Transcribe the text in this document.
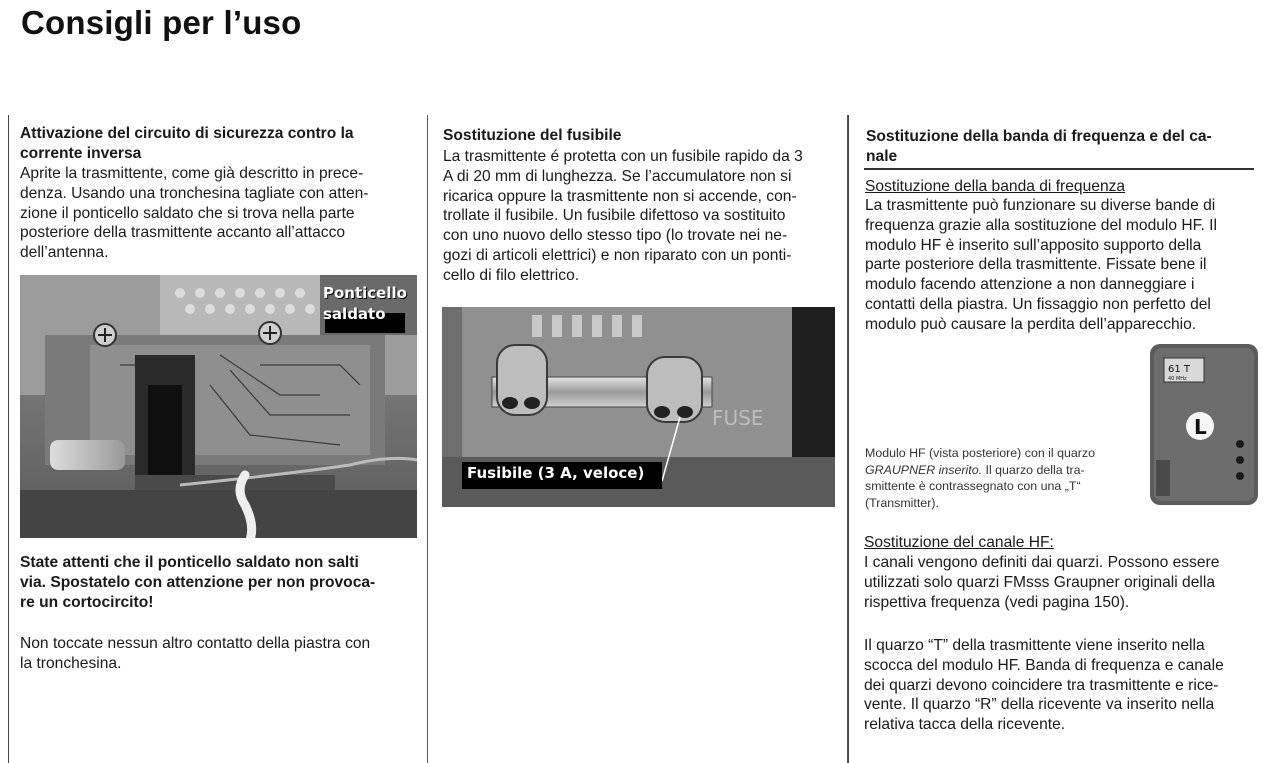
Consigli per l’uso
Attivazione del circuito di sicurezza contro la
corrente inversa
Aprite la trasmittente, come già descritto in prece-
denza. Usando una tronchesina tagliate con atten-
zione il ponticello saldato che si trova nella parte
posteriore della trasmittente accanto all’attacco
dell’antenna.
Ponticello
saldato
State attenti che il ponticello saldato non salti
via. Spostatelo con attenzione per non provoca-
re un cortocircito!
Non toccate nessun altro contatto della piastra con
la tronchesina.
Sostituzione del fusibile
La trasmittente é protetta con un fusibile rapido da 3
A di 20 mm di lunghezza. Se l’accumulatore non si
ricarica oppure la trasmittente non si accende, con-
trollate il fusibile. Un fusibile difettoso va sostituito
con uno nuovo dello stesso tipo (lo trovate nei ne-
gozi di articoli elettrici) e non riparato con un ponti-
cello di filo elettrico.
FUSE
Fusibile (3 A, veloce)
Sostituzione della banda di frequenza e del ca-
nale
Sostituzione della banda di frequenza
La trasmittente può funzionare su diverse bande di
frequenza grazie alla sostituzione del modulo HF. Il
modulo HF è inserito sull’apposito supporto della
parte posteriore della trasmittente. Fissate bene il
modulo facendo attenzione a non danneggiare i
contatti della piastra. Un fissaggio non perfetto del
modulo può causare la perdita dell’apparecchio.
Modulo HF (vista posteriore) con il quarzo
GRAUPNER inserito. Il quarzo della tra-
smittente è contrassegnato con una „T“
(Transmitter).
61 T
40 MHz
L
Sostituzione del canale HF:
I canali vengono definiti dai quarzi. Possono essere
utilizzati solo quarzi FMsss Graupner originali della
rispettiva frequenza (vedi pagina 150).
Il quarzo “T” della trasmittente viene inserito nella
scocca del modulo HF. Banda di frequenza e canale
dei quarzi devono coincidere tra trasmittente e rice-
vente. Il quarzo “R” della ricevente va inserito nella
relativa tacca della ricevente.
